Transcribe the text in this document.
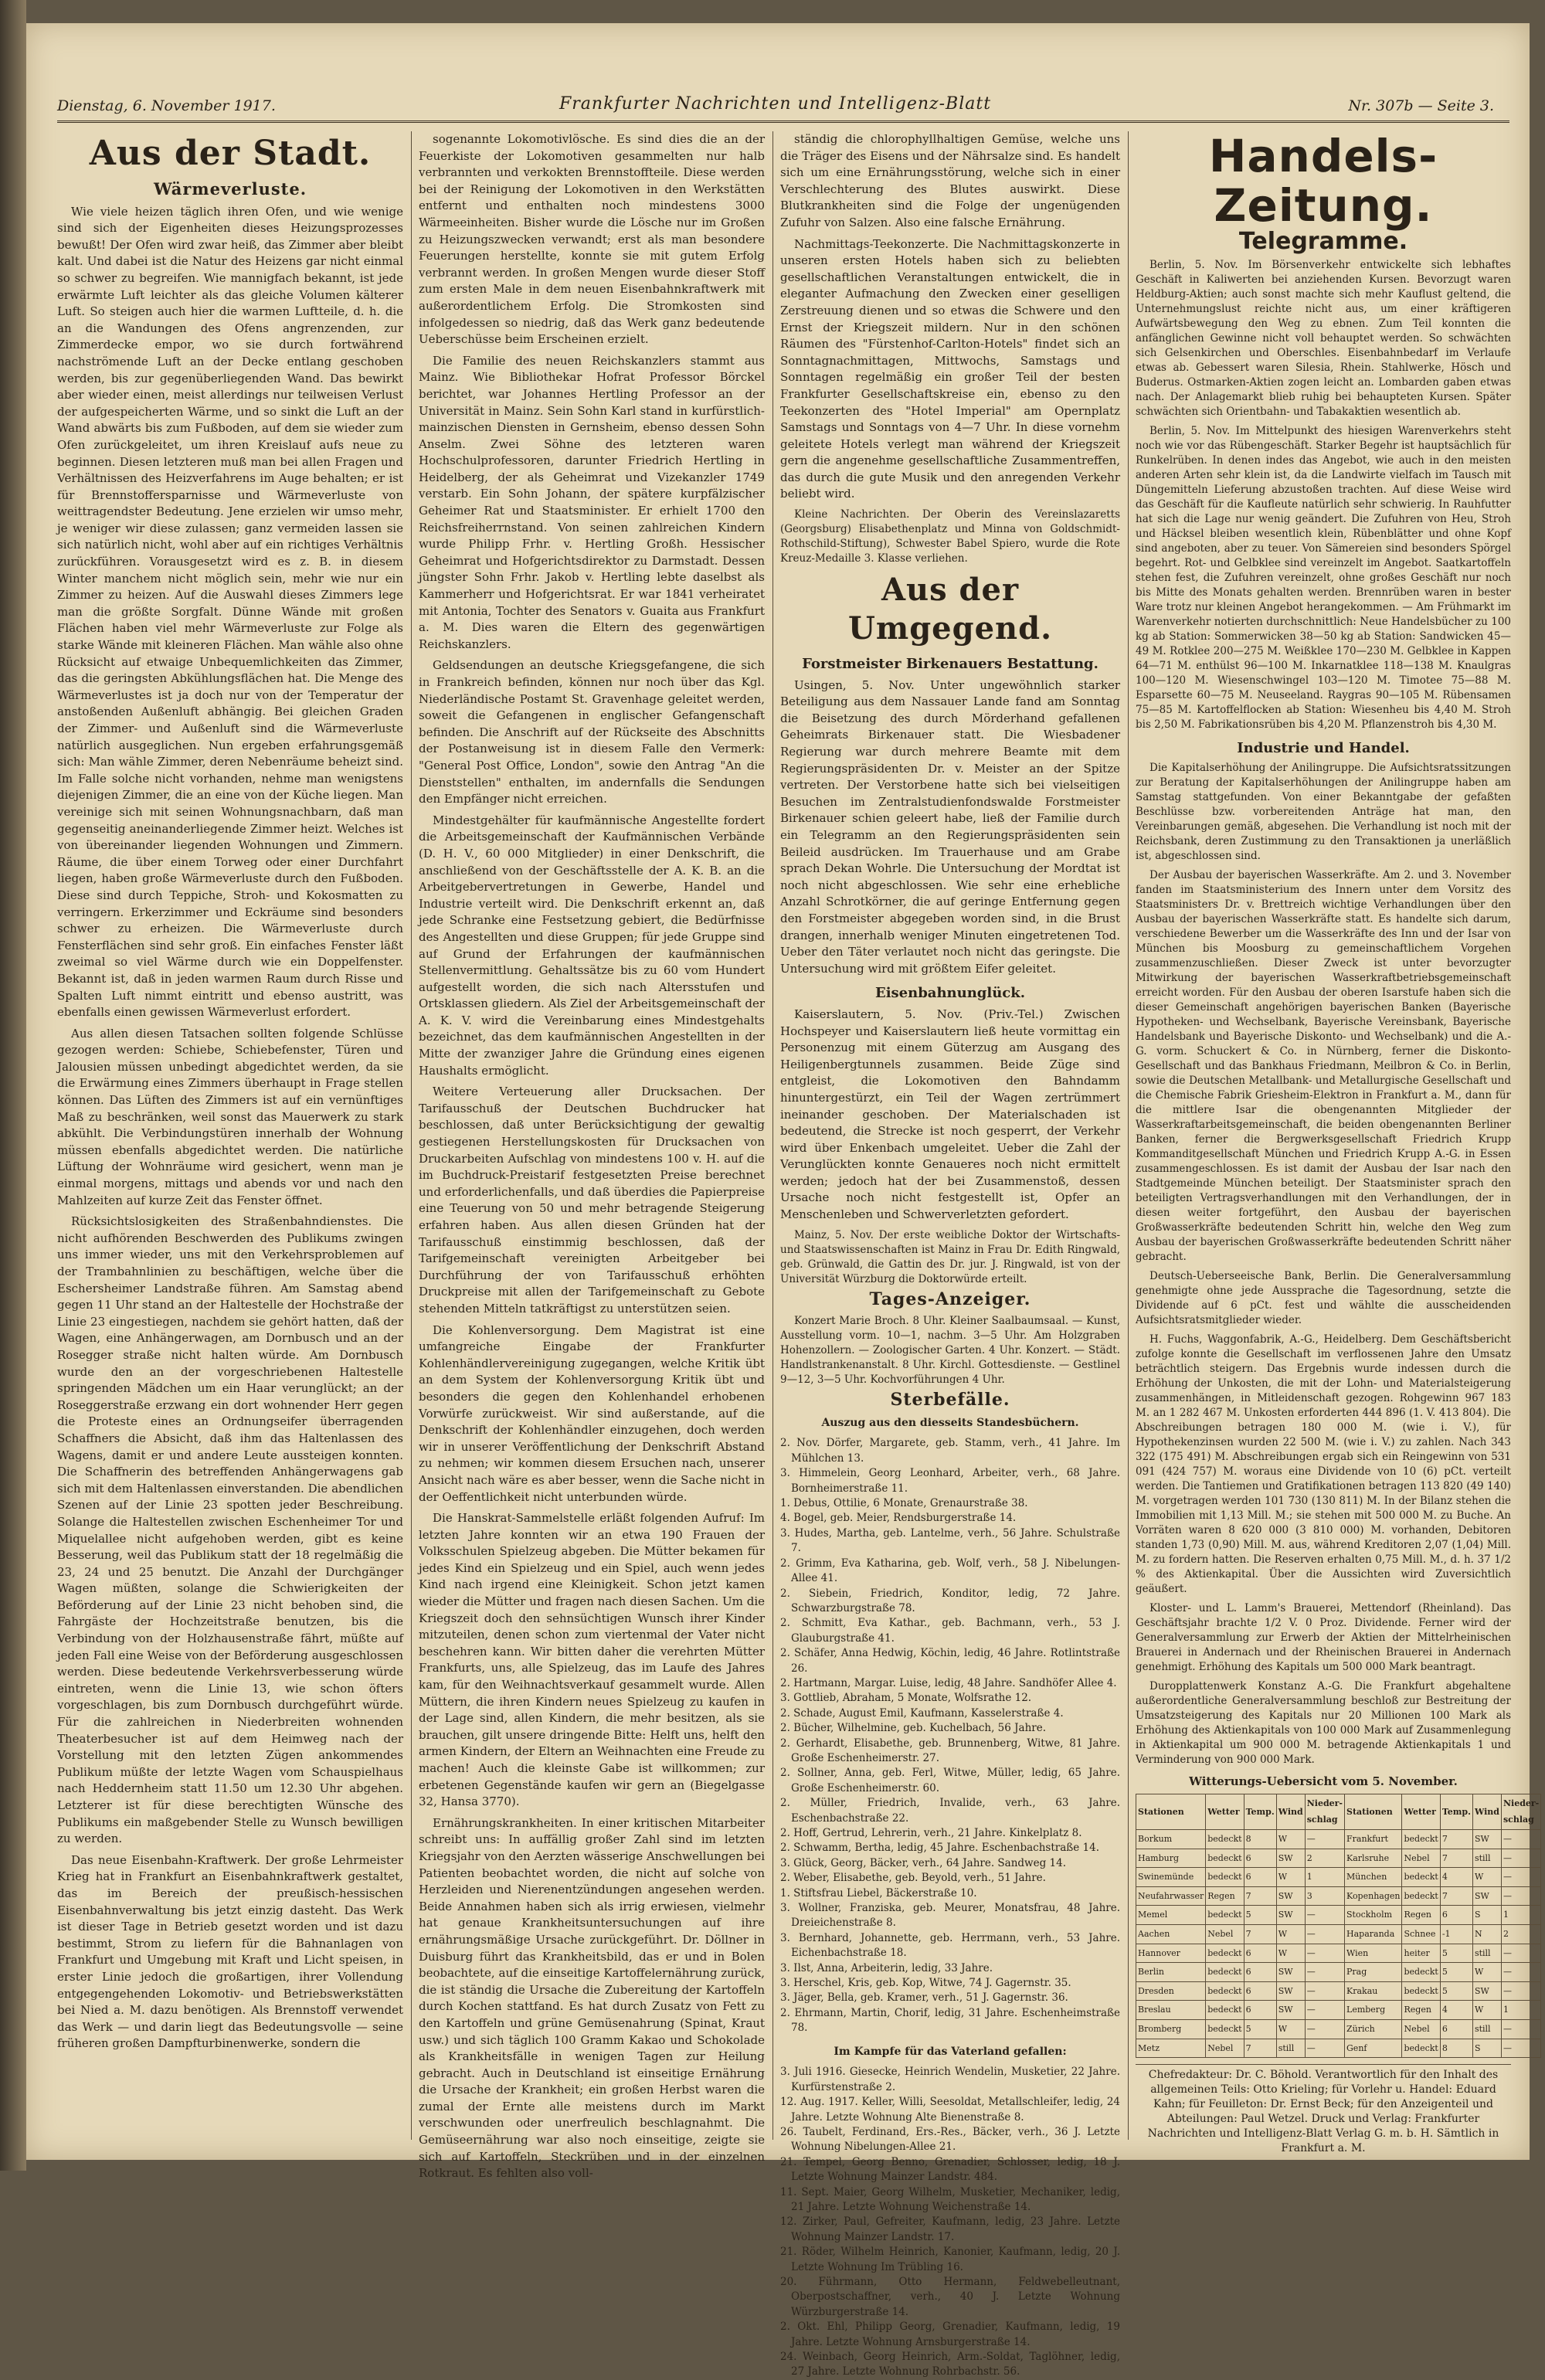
Dienstag, 6. November 1917.	Frankfurter Nachrichten und Intelligenz-Blatt	Nr. 307b — Seite 3.
Aus der Stadt.
Wärmeverluste.

Wie viele heizen täglich ihren Ofen, und wie wenige sind sich der Eigenheiten dieses Heizungsprozesses bewußt! Der Ofen wird zwar heiß, das Zimmer aber bleibt kalt. Und dabei ist die Natur des Heizens gar nicht einmal so schwer zu begreifen. Wie mannigfach bekannt, ist jede erwärmte Luft leichter als das gleiche Volumen kälterer Luft. So steigen auch hier die warmen Luftteile, d. h. die an die Wandungen des Ofens angrenzenden, zur Zimmerdecke empor, wo sie durch fortwährend nachströmende Luft an der Decke entlang geschoben werden, bis zur gegenüberliegenden Wand. Das bewirkt aber wieder einen, meist allerdings nur teilweisen Verlust der aufgespeicherten Wärme, und so sinkt die Luft an der Wand abwärts bis zum Fußboden, auf dem sie wieder zum Ofen zurückgeleitet, um ihren Kreislauf aufs neue zu beginnen. Diesen letzteren muß man bei allen Fragen und Verhältnissen des Heizverfahrens im Auge behalten; er ist für Brennstoffersparnisse und Wärmeverluste von weittragendster Bedeutung. Jene erzielen wir umso mehr, je weniger wir diese zulassen; ganz vermeiden lassen sie sich natürlich nicht, wohl aber auf ein richtiges Verhältnis zurückführen. Vorausgesetzt wird es z. B. in diesem Winter manchem nicht möglich sein, mehr wie nur ein Zimmer zu heizen. Auf die Auswahl dieses Zimmers lege man die größte Sorgfalt. Dünne Wände mit großen Flächen haben viel mehr Wärmeverluste zur Folge als starke Wände mit kleineren Flächen. Man wähle also ohne Rücksicht auf etwaige Unbequemlichkeiten das Zimmer, das die geringsten Abkühlungsflächen hat. Die Menge des Wärmeverlustes ist ja doch nur von der Temperatur der anstoßenden Außenluft abhängig. Bei gleichen Graden der Zimmer- und Außenluft sind die Wärmeverluste natürlich ausgeglichen. Nun ergeben erfahrungsgemäß sich: Man wähle Zimmer, deren Nebenräume beheizt sind. Im Falle solche nicht vorhanden, nehme man wenigstens diejenigen Zimmer, die an eine von der Küche liegen. Man vereinige sich mit seinen Wohnungsnachbarn, daß man gegenseitig aneinanderliegende Zimmer heizt. Welches ist von übereinander liegenden Wohnungen und Zimmern. Räume, die über einem Torweg oder einer Durchfahrt liegen, haben große Wärmeverluste durch den Fußboden. Diese sind durch Teppiche, Stroh- und Kokosmatten zu verringern. Erkerzimmer und Eckräume sind besonders schwer zu erheizen. Die Wärmeverluste durch Fensterflächen sind sehr groß. Ein einfaches Fenster läßt zweimal so viel Wärme durch wie ein Doppelfenster. Bekannt ist, daß in jeden warmen Raum durch Risse und Spalten Luft nimmt eintritt und ebenso austritt, was ebenfalls einen gewissen Wärmeverlust erfordert.

Aus allen diesen Tatsachen sollten folgende Schlüsse gezogen werden: Schiebe, Schiebefenster, Türen und Jalousien müssen unbedingt abgedichtet werden, da sie die Erwärmung eines Zimmers überhaupt in Frage stellen können. Das Lüften des Zimmers ist auf ein vernünftiges Maß zu beschränken, weil sonst das Mauerwerk zu stark abkühlt. Die Verbindungstüren innerhalb der Wohnung müssen ebenfalls abgedichtet werden. Die natürliche Lüftung der Wohnräume wird gesichert, wenn man je einmal morgens, mittags und abends vor und nach den Mahlzeiten auf kurze Zeit das Fenster öffnet.

Rücksichtslosigkeiten des Straßenbahndienstes. Die nicht aufhörenden Beschwerden des Publikums zwingen uns immer wieder, uns mit den Verkehrsproblemen auf der Trambahnlinien zu beschäftigen, welche über die Eschersheimer Landstraße führen. Am Samstag abend gegen 11 Uhr stand an der Haltestelle der Hochstraße der Linie 23 eingestiegen, nachdem sie gehört hatten, daß der Wagen, eine Anhängerwagen, am Dornbusch und an der Rosegger straße nicht halten würde. Am Dornbusch wurde den an der vorgeschriebenen Haltestelle springenden Mädchen um ein Haar verunglückt; an der Roseggerstraße erzwang ein dort wohnender Herr gegen die Proteste eines an Ordnungseifer überragenden Schaffners die Absicht, daß ihm das Haltenlassen des Wagens, damit er und andere Leute aussteigen konnten. Die Schaffnerin des betreffenden Anhängerwagens gab sich mit dem Haltenlassen einverstanden. Die abendlichen Szenen auf der Linie 23 spotten jeder Beschreibung. Solange die Haltestellen zwischen Eschenheimer Tor und Miquelallee nicht aufgehoben werden, gibt es keine Besserung, weil das Publikum statt der 18 regelmäßig die 23, 24 und 25 benutzt. Die Anzahl der Durchgänger Wagen müßten, solange die Schwierigkeiten der Beförderung auf der Linie 23 nicht behoben sind, die Fahrgäste der Hochzeitstraße benutzen, bis die Verbindung von der Holzhausenstraße fährt, müßte auf jeden Fall eine Weise von der Beförderung ausgeschlossen werden. Diese bedeutende Verkehrsverbesserung würde eintreten, wenn die Linie 13, wie schon öfters vorgeschlagen, bis zum Dornbusch durchgeführt würde. Für die zahlreichen in Niederbreiten wohnenden Theaterbesucher ist auf dem Heimweg nach der Vorstellung mit den letzten Zügen ankommendes Publikum müßte der letzte Wagen vom Schauspielhaus nach Heddernheim statt 11.50 um 12.30 Uhr abgehen. Letzterer ist für diese berechtigten Wünsche des Publikums ein maßgebender Stelle zu Wunsch bewilligen zu werden.

Das neue Eisenbahn-Kraftwerk. Der große Lehrmeister Krieg hat in Frankfurt an Eisenbahnkraftwerk gestaltet, das im Bereich der preußisch-hessischen Eisenbahnverwaltung bis jetzt einzig dasteht. Das Werk ist dieser Tage in Betrieb gesetzt worden und ist dazu bestimmt, Strom zu liefern für die Bahnanlagen von Frankfurt und Umgebung mit Kraft und Licht speisen, in erster Linie jedoch die großartigen, ihrer Vollendung entgegengehenden Lokomotiv- und Betriebswerkstätten bei Nied a. M. dazu benötigen. Als Brennstoff verwendet das Werk — und darin liegt das Bedeutungsvolle — seine früheren großen Dampfturbinenwerke, sondern die

sogenannte Lokomotivlösche. Es sind dies die an der Feuerkiste der Lokomotiven gesammelten nur halb verbrannten und verkokten Brennstoffteile. Diese werden bei der Reinigung der Lokomotiven in den Werkstätten entfernt und enthalten noch mindestens 3000 Wärmeeinheiten. Bisher wurde die Lösche nur im Großen zu Heizungszwecken verwandt; erst als man besondere Feuerungen herstellte, konnte sie mit gutem Erfolg verbrannt werden. In großen Mengen wurde dieser Stoff zum ersten Male in dem neuen Eisenbahnkraftwerk mit außerordentlichem Erfolg. Die Stromkosten sind infolgedessen so niedrig, daß das Werk ganz bedeutende Ueberschüsse beim Erscheinen erzielt.

Die Familie des neuen Reichskanzlers stammt aus Mainz. Wie Bibliothekar Hofrat Professor Börckel berichtet, war Johannes Hertling Professor an der Universität in Mainz. Sein Sohn Karl stand in kurfürstlich-mainzischen Diensten in Gernsheim, ebenso dessen Sohn Anselm. Zwei Söhne des letzteren waren Hochschulprofessoren, darunter Friedrich Hertling in Heidelberg, der als Geheimrat und Vizekanzler 1749 verstarb. Ein Sohn Johann, der spätere kurpfälzischer Geheimer Rat und Staatsminister. Er erhielt 1700 den Reichsfreiherrnstand. Von seinen zahlreichen Kindern wurde Philipp Frhr. v. Hertling Großh. Hessischer Geheimrat und Hofgerichtsdirektor zu Darmstadt. Dessen jüngster Sohn Frhr. Jakob v. Hertling lebte daselbst als Kammerherr und Hofgerichtsrat. Er war 1841 verheiratet mit Antonia, Tochter des Senators v. Guaita aus Frankfurt a. M. Dies waren die Eltern des gegenwärtigen Reichskanzlers.

Geldsendungen an deutsche Kriegsgefangene, die sich in Frankreich befinden, können nur noch über das Kgl. Niederländische Postamt St. Gravenhage geleitet werden, soweit die Gefangenen in englischer Gefangenschaft befinden. Die Anschrift auf der Rückseite des Abschnitts der Postanweisung ist in diesem Falle den Vermerk: "General Post Office, London", sowie den Antrag "An die Dienststellen" enthalten, im andernfalls die Sendungen den Empfänger nicht erreichen.

Mindestgehälter für kaufmännische Angestellte fordert die Arbeitsgemeinschaft der Kaufmännischen Verbände (D. H. V., 60 000 Mitglieder) in einer Denkschrift, die anschließend von der Geschäftsstelle der A. K. B. an die Arbeitgebervertretungen in Gewerbe, Handel und Industrie verteilt wird. Die Denkschrift erkennt an, daß jede Schranke eine Festsetzung gebiert, die Bedürfnisse des Angestellten und diese Gruppen; für jede Gruppe sind auf Grund der Erfahrungen der kaufmännischen Stellenvermittlung. Gehaltssätze bis zu 60 vom Hundert aufgestellt worden, die sich nach Altersstufen und Ortsklassen gliedern. Als Ziel der Arbeitsgemeinschaft der A. K. V. wird die Vereinbarung eines Mindestgehalts bezeichnet, das dem kaufmännischen Angestellten in der Mitte der zwanziger Jahre die Gründung eines eigenen Haushalts ermöglicht.

Weitere Verteuerung aller Drucksachen. Der Tarifausschuß der Deutschen Buchdrucker hat beschlossen, daß unter Berücksichtigung der gewaltig gestiegenen Herstellungskosten für Drucksachen von Druckarbeiten Aufschlag von mindestens 100 v. H. auf die im Buchdruck-Preistarif festgesetzten Preise berechnet und erforderlichenfalls, und daß überdies die Papierpreise eine Teuerung von 50 und mehr betragende Steigerung erfahren haben. Aus allen diesen Gründen hat der Tarifausschuß einstimmig beschlossen, daß der Tarifgemeinschaft vereinigten Arbeitgeber bei Durchführung der von Tarifausschuß erhöhten Druckpreise mit allen der Tarifgemeinschaft zu Gebote stehenden Mitteln tatkräftigst zu unterstützen seien.

Die Kohlenversorgung. Dem Magistrat ist eine umfangreiche Eingabe der Frankfurter Kohlenhändlervereinigung zugegangen, welche Kritik übt an dem System der Kohlenversorgung Kritik übt und besonders die gegen den Kohlenhandel erhobenen Vorwürfe zurückweist. Wir sind außerstande, auf die Denkschrift der Kohlenhändler einzugehen, doch werden wir in unserer Veröffentlichung der Denkschrift Abstand zu nehmen; wir kommen diesem Ersuchen nach, unserer Ansicht nach wäre es aber besser, wenn die Sache nicht in der Oeffentlichkeit nicht unterbunden würde.

Die Hanskrat-Sammelstelle erläßt folgenden Aufruf: Im letzten Jahre konnten wir an etwa 190 Frauen der Volksschulen Spielzeug abgeben. Die Mütter bekamen für jedes Kind ein Spielzeug und ein Spiel, auch wenn jedes Kind nach irgend eine Kleinigkeit. Schon jetzt kamen wieder die Mütter und fragen nach diesen Sachen. Um die Kriegszeit doch den sehnsüchtigen Wunsch ihrer Kinder mitzuteilen, denen schon zum viertenmal der Vater nicht beschehren kann. Wir bitten daher die verehrten Mütter Frankfurts, uns, alle Spielzeug, das im Laufe des Jahres kam, für den Weihnachtsverkauf gesammelt wurde. Allen Müttern, die ihren Kindern neues Spielzeug zu kaufen in der Lage sind, allen Kindern, die mehr besitzen, als sie brauchen, gilt unsere dringende Bitte: Helft uns, helft den armen Kindern, der Eltern an Weihnachten eine Freude zu machen! Auch die kleinste Gabe ist willkommen; zur erbetenen Gegenstände kaufen wir gern an (Biegelgasse 32, Hansa 3770).

Ernährungskrankheiten. In einer kritischen Mitarbeiter schreibt uns: In auffällig großer Zahl sind im letzten Kriegsjahr von den Aerzten wässerige Anschwellungen bei Patienten beobachtet worden, die nicht auf solche von Herzleiden und Nierenentzündungen angesehen werden. Beide Annahmen haben sich als irrig erwiesen, vielmehr hat genaue Krankheitsuntersuchungen auf ihre ernährungsmäßige Ursache zurückgeführt. Dr. Döllner in Duisburg führt das Krankheitsbild, das er und in Bolen beobachtete, auf die einseitige Kartoffelernährung zurück, die ist ständig die Ursache die Zubereitung der Kartoffeln durch Kochen stattfand. Es hat durch Zusatz von Fett zu den Kartoffeln und grüne Gemüsenahrung (Spinat, Kraut usw.) und sich täglich 100 Gramm Kakao und Schokolade als Krankheitsfälle in wenigen Tagen zur Heilung gebracht. Auch in Deutschland ist einseitige Ernährung die Ursache der Krankheit; ein großen Herbst waren die zumal der Ernte alle meistens durch im Markt verschwunden oder unerfreulich beschlagnahmt. Die Gemüseernährung war also noch einseitige, zeigte sie sich auf Kartoffeln, Steckrüben und in der einzelnen Rotkraut. Es fehlten also voll-

ständig die chlorophyllhaltigen Gemüse, welche uns die Träger des Eisens und der Nährsalze sind. Es handelt sich um eine Ernährungsstörung, welche sich in einer Verschlechterung des Blutes auswirkt. Diese Blutkrankheiten sind die Folge der ungenügenden Zufuhr von Salzen. Also eine falsche Ernährung.

Nachmittags-Teekonzerte. Die Nachmittagskonzerte in unseren ersten Hotels haben sich zu beliebten gesellschaftlichen Veranstaltungen entwickelt, die in eleganter Aufmachung den Zwecken einer geselligen Zerstreuung dienen und so etwas die Schwere und den Ernst der Kriegszeit mildern. Nur in den schönen Räumen des "Fürstenhof-Carlton-Hotels" findet sich an Sonntagnachmittagen, Mittwochs, Samstags und Sonntagen regelmäßig ein großer Teil der besten Frankfurter Gesellschaftskreise ein, ebenso zu den Teekonzerten des "Hotel Imperial" am Opernplatz Samstags und Sonntags von 4—7 Uhr. In diese vornehm geleitete Hotels verlegt man während der Kriegszeit gern die angenehme gesellschaftliche Zusammentreffen, das durch die gute Musik und den anregenden Verkehr beliebt wird.

Kleine Nachrichten. Der Oberin des Vereinslazaretts (Georgsburg) Elisabethenplatz und Minna von Goldschmidt-Rothschild-Stiftung), Schwester Babel Spiero, wurde die Rote Kreuz-Medaille 3. Klasse verliehen.

Aus der Umgegend.
Forstmeister Birkenauers Bestattung.

Usingen, 5. Nov. Unter ungewöhnlich starker Beteiligung aus dem Nassauer Lande fand am Sonntag die Beisetzung des durch Mörderhand gefallenen Geheimrats Birkenauer statt. Die Wiesbadener Regierung war durch mehrere Beamte mit dem Regierungspräsidenten Dr. v. Meister an der Spitze vertreten. Der Verstorbene hatte sich bei vielseitigen Besuchen im Zentralstudienfondswalde Forstmeister Birkenauer schien geleert habe, ließ der Familie durch ein Telegramm an den Regierungspräsidenten sein Beileid ausdrücken. Im Trauerhause und am Grabe sprach Dekan Wohrle. Die Untersuchung der Mordtat ist noch nicht abgeschlossen. Wie sehr eine erhebliche Anzahl Schrotkörner, die auf geringe Entfernung gegen den Forstmeister abgegeben worden sind, in die Brust drangen, innerhalb weniger Minuten eingetretenen Tod. Ueber den Täter verlautet noch nicht das geringste. Die Untersuchung wird mit größtem Eifer geleitet.

Eisenbahnunglück.

Kaiserslautern, 5. Nov. (Priv.-Tel.) Zwischen Hochspeyer und Kaiserslautern ließ heute vormittag ein Personenzug mit einem Güterzug am Ausgang des Heiligenbergtunnels zusammen. Beide Züge sind entgleist, die Lokomotiven den Bahndamm hinuntergestürzt, ein Teil der Wagen zertrümmert ineinander geschoben. Der Materialschaden ist bedeutend, die Strecke ist noch gesperrt, der Verkehr wird über Enkenbach umgeleitet. Ueber die Zahl der Verunglückten konnte Genaueres noch nicht ermittelt werden; jedoch hat der bei Zusammenstoß, dessen Ursache noch nicht festgestellt ist, Opfer an Menschenleben und Schwerverletzten gefordert.

Mainz, 5. Nov. Der erste weibliche Doktor der Wirtschafts- und Staatswissenschaften ist Mainz in Frau Dr. Edith Ringwald, geb. Grünwald, die Gattin des Dr. jur. J. Ringwald, ist von der Universität Würzburg die Doktorwürde erteilt.

Tages-Anzeiger.

Konzert Marie Broch. 8 Uhr. Kleiner Saalbaumsaal. — Kunst, Ausstellung vorm. 10—1, nachm. 3—5 Uhr. Am Holzgraben Hohenzollern. — Zoologischer Garten. 4 Uhr. Konzert. — Städt. Handlstrankenanstalt. 8 Uhr. Kirchl. Gottesdienste. — Gestlinel 9—12, 3—5 Uhr. Kochvorführungen 4 Uhr.

Sterbefälle.
Auszug aus den diesseits Standesbüchern.
2. Nov. Dörfer, Margarete, geb. Stamm, verh., 41 Jahre. Im Mühlchen 13.
3. Himmelein, Georg Leonhard, Arbeiter, verh., 68 Jahre. Bornheimerstraße 11.
1. Debus, Ottilie, 6 Monate, Grenaurstraße 38.
4. Bogel, geb. Meier, Rendsburgerstraße 14.
3. Hudes, Martha, geb. Lantelme, verh., 56 Jahre. Schulstraße 7.
2. Grimm, Eva Katharina, geb. Wolf, verh., 58 J. Nibelungen-Allee 41.
2. Siebein, Friedrich, Konditor, ledig, 72 Jahre. Schwarzburgstraße 78.
2. Schmitt, Eva Kathar., geb. Bachmann, verh., 53 J. Glauburgstraße 41.
2. Schäfer, Anna Hedwig, Köchin, ledig, 46 Jahre. Rotlintstraße 26.
2. Hartmann, Margar. Luise, ledig, 48 Jahre. Sandhöfer Allee 4.
3. Gottlieb, Abraham, 5 Monate, Wolfsrathe 12.
2. Schade, August Emil, Kaufmann, Kasselerstraße 4.
2. Bücher, Wilhelmine, geb. Kuchelbach, 56 Jahre.
2. Gerhardt, Elisabethe, geb. Brunnenberg, Witwe, 81 Jahre. Große Eschenheimerstr. 27.
2. Sollner, Anna, geb. Ferl, Witwe, Müller, ledig, 65 Jahre. Große Eschenheimerstr. 60.
2. Müller, Friedrich, Invalide, verh., 63 Jahre. Eschenbachstraße 22.
2. Hoff, Gertrud, Lehrerin, verh., 21 Jahre. Kinkelplatz 8.
2. Schwamm, Bertha, ledig, 45 Jahre. Eschenbachstraße 14.
3. Glück, Georg, Bäcker, verh., 64 Jahre. Sandweg 14.
2. Weber, Elisabethe, geb. Beyold, verh., 51 Jahre.
1. Stiftsfrau Liebel, Bäckerstraße 10.
3. Wollner, Franziska, geb. Meurer, Monatsfrau, 48 Jahre. Dreieichenstraße 8.
3. Bernhard, Johannette, geb. Herrmann, verh., 53 Jahre. Eichenbachstraße 18.
3. Ilst, Anna, Arbeiterin, ledig, 33 Jahre.
3. Herschel, Kris, geb. Kop, Witwe, 74 J. Gagernstr. 35.
3. Jäger, Bella, geb. Kramer, verh., 51 J. Gagernstr. 36.
2. Ehrmann, Martin, Chorif, ledig, 31 Jahre. Eschenheimstraße 78.
Im Kampfe für das Vaterland gefallen:
3. Juli 1916. Giesecke, Heinrich Wendelin, Musketier, 22 Jahre. Kurfürstenstraße 2.
12. Aug. 1917. Keller, Willi, Seesoldat, Metallschleifer, ledig, 24 Jahre. Letzte Wohnung Alte Bienenstraße 8.
26. Taubelt, Ferdinand, Ers.-Res., Bäcker, verh., 36 J. Letzte Wohnung Nibelungen-Allee 21.
21. Tempel, Georg Benno, Grenadier, Schlosser, ledig, 18 J. Letzte Wohnung Mainzer Landstr. 484.
11. Sept. Maier, Georg Wilhelm, Musketier, Mechaniker, ledig, 21 Jahre. Letzte Wohnung Weichenstraße 14.
12. Zirker, Paul, Gefreiter, Kaufmann, ledig, 23 Jahre. Letzte Wohnung Mainzer Landstr. 17.
21. Röder, Wilhelm Heinrich, Kanonier, Kaufmann, ledig, 20 J. Letzte Wohnung Im Trübling 16.
20. Führmann, Otto Hermann, Feldwebelleutnant, Oberpostschaffner, verh., 40 J. Letzte Wohnung Würzburgerstraße 14.
2. Okt. Ehl, Philipp Georg, Grenadier, Kaufmann, ledig, 19 Jahre. Letzte Wohnung Arnsburgerstraße 14.
24. Weinbach, Georg Heinrich, Arm.-Soldat, Taglöhner, ledig, 27 Jahre. Letzte Wohnung Rohrbachstr. 56.
Handels-Zeitung.
Telegramme.

Berlin, 5. Nov. Im Börsenverkehr entwickelte sich lebhaftes Geschäft in Kaliwerten bei anziehenden Kursen. Bevorzugt waren Heldburg-Aktien; auch sonst machte sich mehr Kauflust geltend, die Unternehmungslust reichte nicht aus, um einer kräftigeren Aufwärtsbewegung den Weg zu ebnen. Zum Teil konnten die anfänglichen Gewinne nicht voll behauptet werden. So schwächten sich Gelsenkirchen und Oberschles. Eisenbahnbedarf im Verlaufe etwas ab. Gebessert waren Silesia, Rhein. Stahlwerke, Hösch und Buderus. Ostmarken-Aktien zogen leicht an. Lombarden gaben etwas nach. Der Anlagemarkt blieb ruhig bei behaupteten Kursen. Später schwächten sich Orientbahn- und Tabakaktien wesentlich ab.

Berlin, 5. Nov. Im Mittelpunkt des hiesigen Warenverkehrs steht noch wie vor das Rübengeschäft. Starker Begehr ist hauptsächlich für Runkelrüben. In denen indes das Angebot, wie auch in den meisten anderen Arten sehr klein ist, da die Landwirte vielfach im Tausch mit Düngemitteln Lieferung abzustoßen trachten. Auf diese Weise wird das Geschäft für die Kaufleute natürlich sehr schwierig. In Rauhfutter hat sich die Lage nur wenig geändert. Die Zufuhren von Heu, Stroh und Häcksel bleiben wesentlich klein, Rübenblätter und ohne Kopf sind angeboten, aber zu teuer. Von Sämereien sind besonders Spörgel begehrt. Rot- und Gelbklee sind vereinzelt im Angebot. Saatkartoffeln stehen fest, die Zufuhren vereinzelt, ohne großes Geschäft nur noch bis Mitte des Monats gehalten werden. Brennrüben waren in bester Ware trotz nur kleinen Angebot herangekommen. — Am Frühmarkt im Warenverkehr notierten durchschnittlich: Neue Handelsbücher zu 100 kg ab Station: Sommerwicken 38—50 kg ab Station: Sandwicken 45—49 M. Rotklee 200—275 M. Weißklee 170—230 M. Gelbklee in Kappen 64—71 M. enthülst 96—100 M. Inkarnatklee 118—138 M. Knaulgras 100—120 M. Wiesenschwingel 103—120 M. Timotee 75—88 M. Esparsette 60—75 M. Neuseeland. Raygras 90—105 M. Rübensamen 75—85 M. Kartoffelflocken ab Station: Wiesenheu bis 4,40 M. Stroh bis 2,50 M. Fabrikationsrüben bis 4,20 M. Pflanzenstroh bis 4,30 M.

Industrie und Handel.

Die Kapitalserhöhung der Anilingruppe. Die Aufsichtsratssitzungen zur Beratung der Kapitalserhöhungen der Anilingruppe haben am Samstag stattgefunden. Von einer Bekanntgabe der gefaßten Beschlüsse bzw. vorbereitenden Anträge hat man, den Vereinbarungen gemäß, abgesehen. Die Verhandlung ist noch mit der Reichsbank, deren Zustimmung zu den Transaktionen ja unerläßlich ist, abgeschlossen sind.

Der Ausbau der bayerischen Wasserkräfte. Am 2. und 3. November fanden im Staatsministerium des Innern unter dem Vorsitz des Staatsministers Dr. v. Brettreich wichtige Verhandlungen über den Ausbau der bayerischen Wasserkräfte statt. Es handelte sich darum, verschiedene Bewerber um die Wasserkräfte des Inn und der Isar von München bis Moosburg zu gemeinschaftlichem Vorgehen zusammenzuschließen. Dieser Zweck ist unter bevorzugter Mitwirkung der bayerischen Wasserkraftbetriebsgemeinschaft erreicht worden. Für den Ausbau der oberen Isarstufe haben sich die dieser Gemeinschaft angehörigen bayerischen Banken (Bayerische Hypotheken- und Wechselbank, Bayerische Vereinsbank, Bayerische Handelsbank und Bayerische Diskonto- und Wechselbank) und die A.-G. vorm. Schuckert & Co. in Nürnberg, ferner die Diskonto-Gesellschaft und das Bankhaus Friedmann, Meilbron & Co. in Berlin, sowie die Deutschen Metallbank- und Metallurgische Gesellschaft und die Chemische Fabrik Griesheim-Elektron in Frankfurt a. M., dann für die mittlere Isar die obengenannten Mitglieder der Wasserkraftarbeitsgemeinschaft, die beiden obengenannten Berliner Banken, ferner die Bergwerksgesellschaft Friedrich Krupp Kommanditgesellschaft München und Friedrich Krupp A.-G. in Essen zusammengeschlossen. Es ist damit der Ausbau der Isar nach den Stadtgemeinde München beteiligt. Der Staatsminister sprach den beteiligten Vertragsverhandlungen mit den Verhandlungen, der in diesen weiter fortgeführt, den Ausbau der bayerischen Großwasserkräfte bedeutenden Schritt hin, welche den Weg zum Ausbau der bayerischen Großwasserkräfte bedeutenden Schritt näher gebracht.

Deutsch-Ueberseeische Bank, Berlin. Die Generalversammlung genehmigte ohne jede Aussprache die Tagesordnung, setzte die Dividende auf 6 pCt. fest und wählte die ausscheidenden Aufsichtsratsmitglieder wieder.

H. Fuchs, Waggonfabrik, A.-G., Heidelberg. Dem Geschäftsbericht zufolge konnte die Gesellschaft im verflossenen Jahre den Umsatz beträchtlich steigern. Das Ergebnis wurde indessen durch die Erhöhung der Unkosten, die mit der Lohn- und Materialsteigerung zusammenhängen, in Mitleidenschaft gezogen. Rohgewinn 967 183 M. an 1 282 467 M. Unkosten erforderten 444 896 (1. V. 413 804). Die Abschreibungen betragen 180 000 M. (wie i. V.), für Hypothekenzinsen wurden 22 500 M. (wie i. V.) zu zahlen. Nach 343 322 (175 491) M. Abschreibungen ergab sich ein Reingewinn von 531 091 (424 757) M. woraus eine Dividende von 10 (6) pCt. verteilt werden. Die Tantiemen und Gratifikationen betragen 113 820 (49 140) M. vorgetragen werden 101 730 (130 811) M. In der Bilanz stehen die Immobilien mit 1,13 Mill. M.; sie stehen mit 500 000 M. zu Buche. An Vorräten waren 8 620 000 (3 810 000) M. vorhanden, Debitoren standen 1,73 (0,90) Mill. M. aus, während Kreditoren 2,07 (1,04) Mill. M. zu fordern hatten. Die Reserven erhalten 0,75 Mill. M., d. h. 37 1/2 % des Aktienkapital. Über die Aussichten wird Zuversichtlich geäußert.

Kloster- und L. Lamm's Brauerei, Mettendorf (Rheinland). Das Geschäftsjahr brachte 1/2 V. 0 Proz. Dividende. Ferner wird der Generalversammlung zur Erwerb der Aktien der Mittelrheinischen Brauerei in Andernach und der Rheinischen Brauerei in Andernach genehmigt. Erhöhung des Kapitals um 500 000 Mark beantragt.

Duropplattenwerk Konstanz A.-G. Die Frankfurt abgehaltene außerordentliche Generalversammlung beschloß zur Bestreitung der Umsatzsteigerung des Kapitals nur 20 Millionen 100 Mark als Erhöhung des Aktienkapitals von 100 000 Mark auf Zusammenlegung in Aktienkapital um 900 000 M. betragende Aktienkapitals 1 und Verminderung von 900 000 Mark.

Witterungs-Uebersicht vom 5. November.
Stationen	Wetter	Temp.	Wind	Nieder-schlag	Stationen	Wetter	Temp.	Wind	Nieder-schlag
Borkum	bedeckt	8	W	—	Frankfurt	bedeckt	7	SW	—
Hamburg	bedeckt	6	SW	2	Karlsruhe	Nebel	7	still	—
Swinemünde	bedeckt	6	W	1	München	bedeckt	4	W	—
Neufahrwasser	Regen	7	SW	3	Kopenhagen	bedeckt	7	SW	—
Memel	bedeckt	5	SW	—	Stockholm	Regen	6	S	1
Aachen	Nebel	7	W	—	Haparanda	Schnee	-1	N	2
Hannover	bedeckt	6	W	—	Wien	heiter	5	still	—
Berlin	bedeckt	6	SW	—	Prag	bedeckt	5	W	—
Dresden	bedeckt	6	SW	—	Krakau	bedeckt	5	SW	—
Breslau	bedeckt	6	SW	—	Lemberg	Regen	4	W	1
Bromberg	bedeckt	5	W	—	Zürich	Nebel	6	still	—
Metz	Nebel	7	still	—	Genf	bedeckt	8	S	—
Chefredakteur: Dr. C. Böhold. Verantwortlich für den Inhalt des allgemeinen Teils: Otto Krieling; für Vorlehr u. Handel: Eduard Kahn; für Feuilleton: Dr. Ernst Beck; für den Anzeigenteil und Abteilungen: Paul Wetzel. Druck und Verlag: Frankfurter Nachrichten und Intelligenz-Blatt Verlag G. m. b. H. Sämtlich in Frankfurt a. M.
